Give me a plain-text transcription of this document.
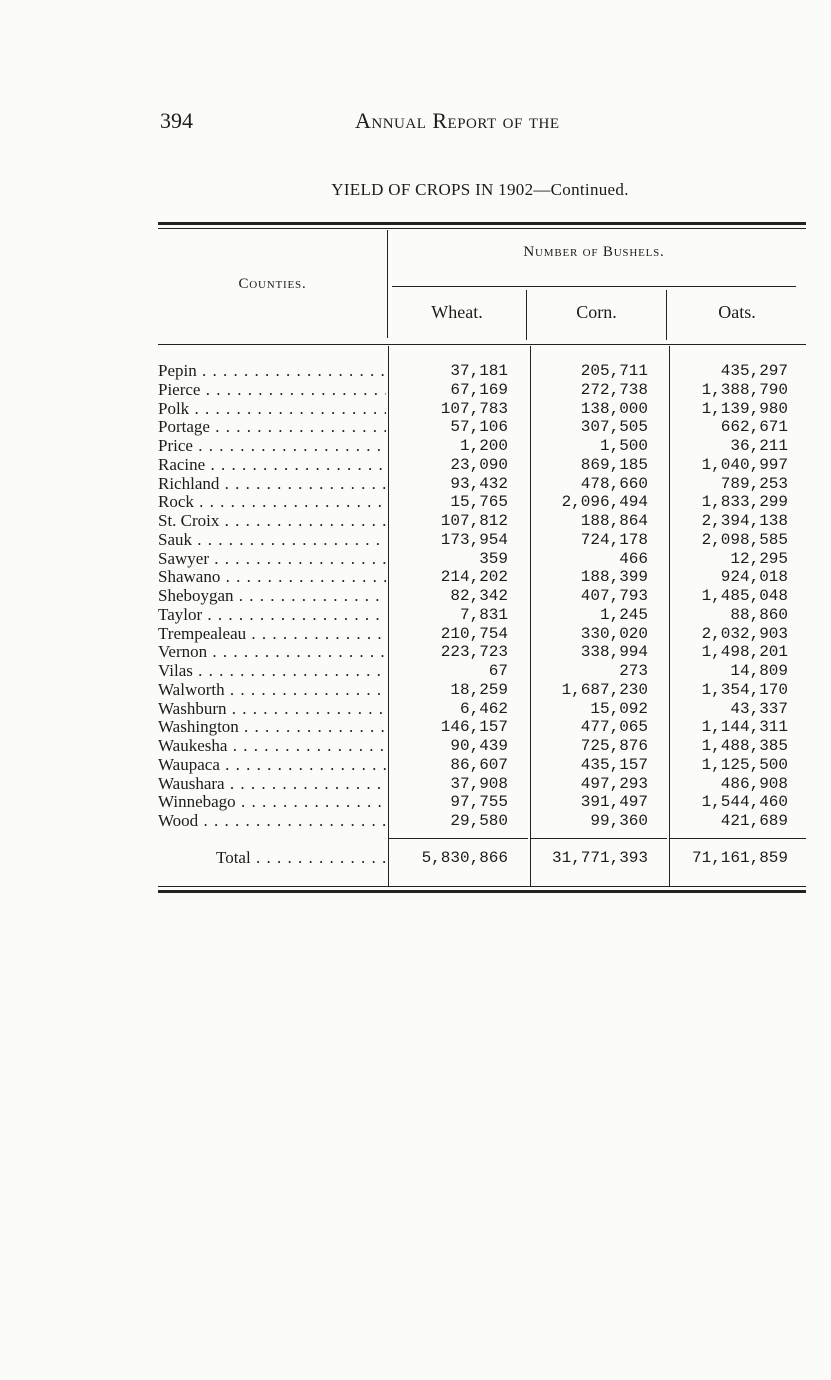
394	Annual Report of the
YIELD OF CROPS IN 1902—Continued.
Number of Bushels.
Counties.
Wheat.	Corn.	Oats.
Pepin . . .	37,181	205,711	435,297
Pierce . . .	67,169	272,738	1,388,790
Polk . . .	107,783	138,000	1,139,980
Portage . . .	57,106	307,505	662,671
Price . . .	1,200	1,500	36,211
Racine . . .	23,090	869,185	1,040,997
Richland . . .	93,432	478,660	789,253
Rock . . .	15,765	2,096,494	1,833,299
St. Croix . . .	107,812	188,864	2,394,138
Sauk . . .	173,954	724,178	2,098,585
Sawyer . . .	359	466	12,295
Shawano . . .	214,202	188,399	924,018
Sheboygan . . .	82,342	407,793	1,485,048
Taylor . . .	7,831	1,245	88,860
Trempealeau . . .	210,754	330,020	2,032,903
Vernon . . .	223,723	338,994	1,498,201
Vilas . . .	67	273	14,809
Walworth . . .	18,259	1,687,230	1,354,170
Washburn . . .	6,462	15,092	43,337
Washington . . .	146,157	477,065	1,144,311
Waukesha . . .	90,439	725,876	1,488,385
Waupaca . . .	86,607	435,157	1,125,500
Waushara . . .	37,908	497,293	486,908
Winnebago . . .	97,755	391,497	1,544,460
Wood . . .	29,580	99,360	421,689
Total . . .	5,830,866	31,771,393	71,161,859
